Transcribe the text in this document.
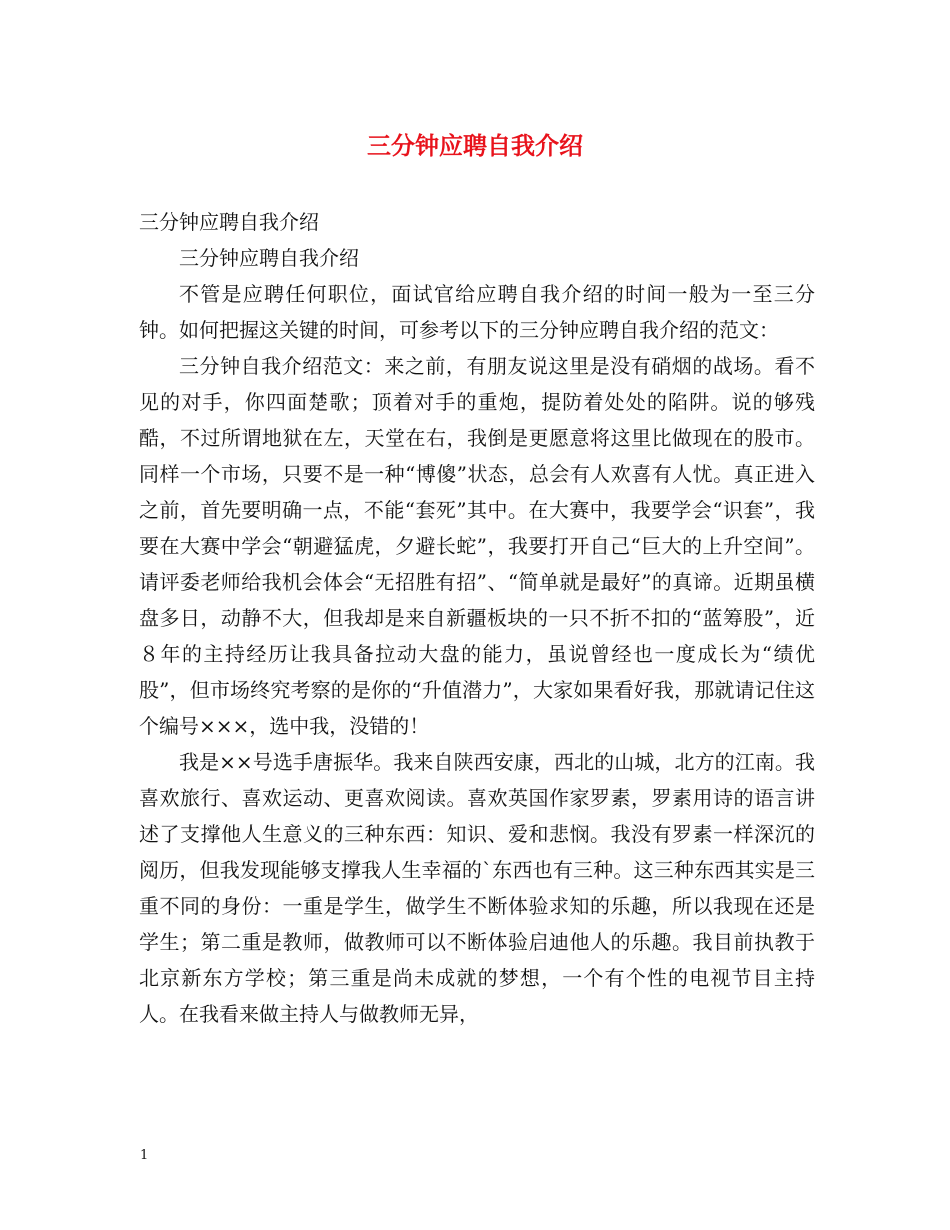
三分钟应聘自我介绍

三分钟应聘自我介绍

三分钟应聘自我介绍

不管是应聘任何职位，面试官给应聘自我介绍的时间一般为一至三分钟。如何把握这关键的时间，可参考以下的三分钟应聘自我介绍的范文：

三分钟自我介绍范文：来之前，有朋友说这里是没有硝烟的战场。看不见的对手，你四面楚歌；顶着对手的重炮，提防着处处的陷阱。说的够残酷，不过所谓地狱在左，天堂在右，我倒是更愿意将这里比做现在的股市。同样一个市场，只要不是一种“博傻”状态，总会有人欢喜有人忧。真正进入之前，首先要明确一点，不能“套死”其中。在大赛中，我要学会“识套”，我要在大赛中学会“朝避猛虎，夕避长蛇”，我要打开自己“巨大的上升空间”。请评委老师给我机会体会“无招胜有招”、“简单就是最好”的真谛。近期虽横盘多日，动静不大，但我却是来自新疆板块的一只不折不扣的“蓝筹股”，近８年的主持经历让我具备拉动大盘的能力，虽说曾经也一度成长为“绩优股”，但市场终究考察的是你的“升值潜力”，大家如果看好我，那就请记住这个编号×××，选中我，没错的！

我是××号选手唐振华。我来自陕西安康，西北的山城，北方的江南。我喜欢旅行、喜欢运动、更喜欢阅读。喜欢英国作家罗素，罗素用诗的语言讲述了支撑他人生意义的三种东西：知识、爱和悲悯。我没有罗素一样深沉的阅历，但我发现能够支撑我人生幸福的`东西也有三种。这三种东西其实是三重不同的身份：一重是学生，做学生不断体验求知的乐趣，所以我现在还是学生；第二重是教师，做教师可以不断体验启迪他人的乐趣。我目前执教于北京新东方学校；第三重是尚未成就的梦想，一个有个性的电视节目主持人。在我看来做主持人与做教师无异，

1
